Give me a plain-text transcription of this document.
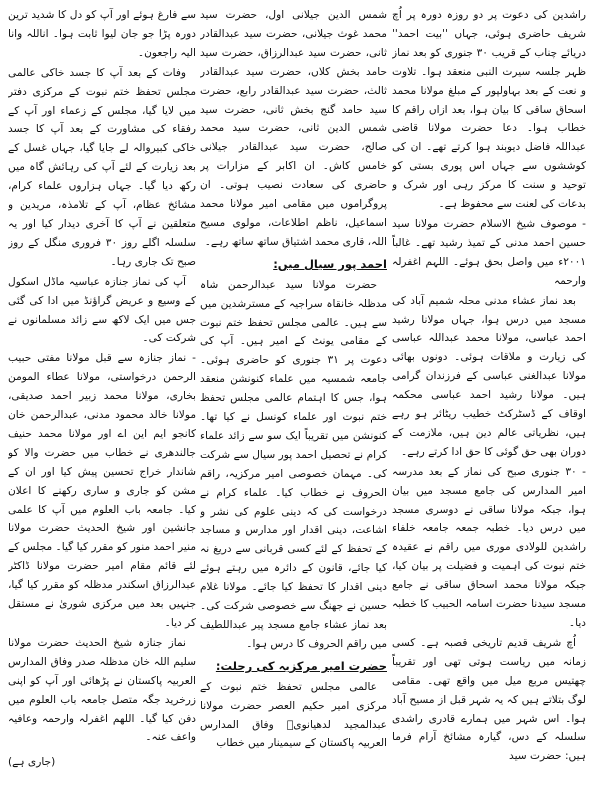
راشدین کی دعوت پر دو روزہ دورہ پر اُچ شریف حاضری ہوئی، جہاں ''بیت احمد'' دریائے چناب کے قریب ۳۰ جنوری کو بعد نماز ظہر جلسہ سیرت النبی منعقد ہوا۔ تلاوت و نعت کے بعد بہاولپور کے مبلغ مولانا محمد اسحاق ساقی کا بیان ہوا، بعد ازاں راقم کا خطاب ہوا۔ دعا حضرت مولانا قاضی عبداللہ فاضل دیوبند ہوا کرتے تھے۔ ان کی کوششوں سے جہاں اس پوری بستی کو توحید و سنت کا مرکز رہی اور شرک و بدعات کی لعنت سے محفوظ ہے۔

- موصوف شیخ الاسلام حضرت مولانا سید حسین احمد مدنی کے تمیذ رشید تھے۔ غالباً ۲۰۰۱ء میں واصل بحق ہوئے۔ اللہم اغفرلہ وارحمہ

بعد نماز عشاء مدنی محلہ شمیم آباد کی مسجد میں درس ہوا، جہاں مولانا رشید احمد عباسی، مولانا محمد عبداللہ عباسی کی زیارت و ملاقات ہوئی۔ دونوں بھائی مولانا عبدالغنی عباسی کے فرزندان گرامی ہیں۔ مولانا رشید احمد عباسی محکمہ اوقاف کے ڈسٹرکٹ خطیب ریٹائر ہو رہے ہیں، نظریاتی عالم دین ہیں، ملازمت کے دوران بھی حق گوئی کا حق ادا کرتے رہے۔

- ۳۰ جنوری صبح کی نماز کے بعد مدرسہ امیر المدارس کی جامع مسجد میں بیان ہوا، جبکہ مولانا ساقی نے دوسری مسجد میں درس دیا۔ خطبہ جمعہ جامعہ خلفاء راشدین للولادی موری میں راقم نے عقیدہ ختم نبوت کی اہمیت و فضیلت پر بیان کیا، جبکہ مولانا محمد اسحاق ساقی نے جامع مسجد سیدنا حضرت اسامہ الحبیب کا خطبہ دیا۔

اُچ شریف قدیم تاریخی قصبہ ہے۔ کسی زمانہ میں ریاست ہوتی تھی اور تقریباً چھتیس مربع میل میں واقع تھی۔ مقامی لوگ بتلاتے ہیں کہ یہ شہر قبل از مسیح آباد ہوا۔ اس شہر میں ہمارے قادری راشدی سلسلہ کے دس، گیارہ مشائخ آرام فرما ہیں: حضرت سید

شمس الدین جیلانی اول، حضرت سید محمد غوث جیلانی، حضرت سید عبدالقادر ثانی، حضرت سید عبدالرزاق، حضرت سید حامد بخش کلاں، حضرت سید عبدالقادر ثالث، حضرت سید عبدالقادر رابع، حضرت سید حامد گنج بخش ثانی، حضرت سید شمس الدین ثانی، حضرت سید محمد صالح، حضرت سید عبدالقادر جیلانی خامس کاش۔ ان اکابر کے مزارات پر حاضری کی سعادت نصیب ہوتی۔ ان پروگراموں میں مقامی امیر مولانا محمد اسماعیل، ناظم اطلاعات، مولوی مسیح اللہ، قاری محمد اشتیاق ساتھ ساتھ رہے۔

احمد پور سیال میں:

حضرت مولانا سید عبدالرحمن شاہ مدظلہ خانقاہ سراجیہ کے مسترشدین میں سے ہیں۔ عالمی مجلس تحفظ ختم نبوت کے مقامی یونٹ کے امیر ہیں۔ آپ کی دعوت پر ۳۱ جنوری کو حاضری ہوئی۔ جامعہ شمسیہ میں علماء کنونشن منعقد ہوا، جس کا اہتمام عالمی مجلس تحفظ ختم نبوت اور علماء کونسل نے کیا تھا۔ کنونشن میں تقریباً ایک سو سے زائد علماء کرام نے تحصیل احمد پور سیال سے شرکت کی۔ مہمان خصوصی امیر مرکزیہ، راقم الحروف نے خطاب کیا۔ علماء کرام نے درخواست کی کہ دینی علوم کی نشر و اشاعت، دینی اقدار اور مدارس و مساجد کے تحفظ کے لئے کسی قربانی سے دریغ نہ کیا جائے، قانون کے دائرہ میں رہتے ہوئے دینی اقدار کا تحفظ کیا جائے۔ مولانا غلام حسین نے جھنگ سے خصوصی شرکت کی۔ بعد نماز عشاء جامع مسجد پیر عبداللطیف میں راقم الحروف کا درس ہوا۔

حضرت امیر مرکزیہ کی رحلت:

عالمی مجلس تحفظ ختم نبوت کے مرکزی امیر حکیم العصر حضرت مولانا عبدالمجید لدھیانویؒ وفاق المدارس العربیہ پاکستان کے سیمینار میں خطاب

سے فارغ ہوئے اور آپ کو دل کا شدید ترین دورہ پڑا جو جان لیوا ثابت ہوا۔ اناللہ وانا الیہ راجعون۔

وفات کے بعد آپ کا جسد خاکی عالمی مجلس تحفظ ختم نبوت کے مرکزی دفتر میں لایا گیا، مجلس کے زعماء اور آپ کے رفقاء کی مشاورت کے بعد آپ کا جسد خاکی کبیروالہ لے جایا گیا، جہاں غسل کے بعد زیارت کے لئے آپ کی رہائش گاہ میں رکھ دیا گیا۔ جہاں ہزاروں علماء کرام، مشائخ عظام، آپ کے تلامذہ، مریدین و متعلقین نے آپ کا آخری دیدار کیا اور یہ سلسلہ اگلے روز ۳۰ فروری منگل کے روز صبح تک جاری رہا۔

آپ کی نماز جنازہ عباسیہ ماڈل اسکول کے وسیع و عریض گراؤنڈ میں ادا کی گئی جس میں ایک لاکھ سے زائد مسلمانوں نے شرکت کی۔

- نماز جنازہ سے قبل مولانا مفتی حبیب الرحمن درخواستی، مولانا عطاء المومن بخاری، مولانا محمد زبیر احمد صدیقی، مولانا خالد محمود مدنی، عبدالرحمن خان کانجو ایم این اے اور مولانا محمد حنیف جالندھری نے خطاب میں حضرت والا کو شاندار خراج تحسین پیش کیا اور ان کے مشن کو جاری و ساری رکھنے کا اعلان کیا۔ جامعہ باب العلوم میں آپ کا علمی جانشین اور شیخ الحدیث حضرت مولانا منیر احمد منور کو مقرر کیا گیا۔ مجلس کے لئے قائم مقام امیر حضرت مولانا ڈاکٹر عبدالرزاق اسکندر مدظلہ کو مقرر کیا گیا، جنہیں بعد میں مرکزی شوریٰ نے مستقل کر دیا۔

نماز جنازہ شیخ الحدیث حضرت مولانا سلیم اللہ خان مدظلہ صدر وفاق المدارس العربیہ پاکستان نے پڑھائی اور آپ کو اپنی زرخرید جگہ متصل جامعہ باب العلوم میں دفن کیا گیا۔ اللھم اغفرلہ وارحمہ وعافیہ واعف عنہ۔

(جاری ہے)
